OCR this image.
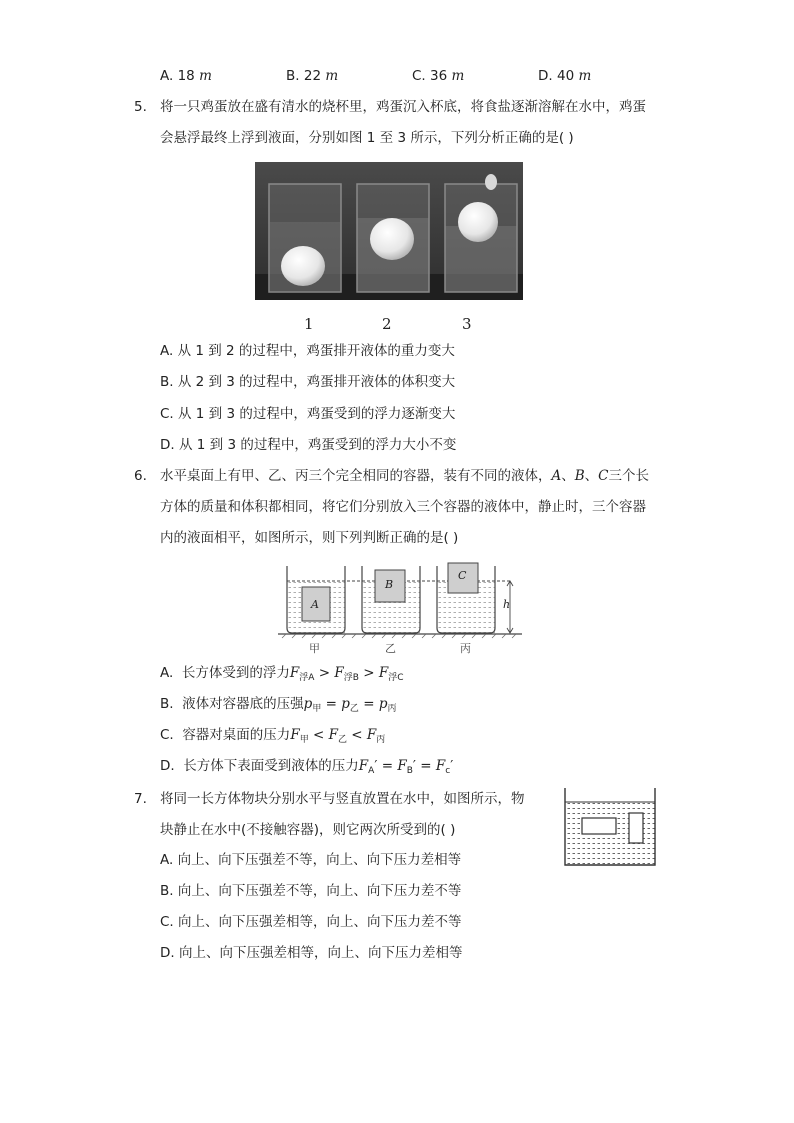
A. 18 m	B. 22 m	C. 36 m	D. 40 m
5. 将一只鸡蛋放在盛有清水的烧杯里，鸡蛋沉入杯底，将食盐逐渐溶解在水中，鸡蛋
会悬浮最终上浮到液面，分别如图 1 至 3 所示，下列分析正确的是( )
1	2	3
A. 从 1 到 2 的过程中，鸡蛋排开液体的重力变大
B. 从 2 到 3 的过程中，鸡蛋排开液体的体积变大
C. 从 1 到 3 的过程中，鸡蛋受到的浮力逐渐变大
D. 从 1 到 3 的过程中，鸡蛋受到的浮力大小不变
6. 水平桌面上有甲、乙、丙三个完全相同的容器，装有不同的液体，A、B、C三个长
方体的质量和体积都相同，将它们分别放入三个容器的液体中，静止时，三个容器
内的液面相平，如图所示，则下列判断正确的是( )
A
B
C
h
甲	乙	丙
A. 长方体受到的浮力$F_{浮A} > F_{浮B} > F_{浮C}$
B. 液体对容器底的压强$p_甲 = p_乙 = p_丙$
C. 容器对桌面的压力$F_甲 < F_乙 < F_丙$
D. 长方体下表面受到液体的压力$F_A' = F_B' = F_c'$
7. 将同一长方体物块分别水平与竖直放置在水中，如图所示，物
块静止在水中(不接触容器)，则它两次所受到的( )
A. 向上、向下压强差不等，向上、向下压力差相等
B. 向上、向下压强差不等，向上、向下压力差不等
C. 向上、向下压强差相等，向上、向下压力差不等
D. 向上、向下压强差相等，向上、向下压力差相等
